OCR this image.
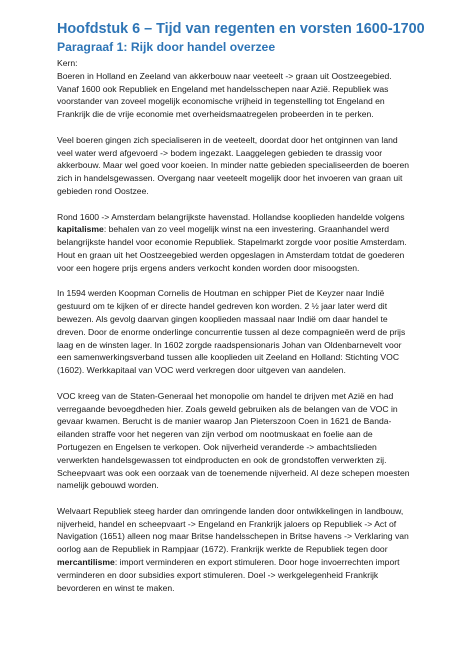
Hoofdstuk 6 – Tijd van regenten en vorsten 1600-1700
Paragraaf 1: Rijk door handel overzee

Kern:
Boeren in Holland en Zeeland van akkerbouw naar veeteelt -> graan uit Oostzeegebied.
Vanaf 1600 ook Republiek en Engeland met handelsschepen naar Azië. Republiek was
voorstander van zoveel mogelijk economische vrijheid in tegenstelling tot Engeland en
Frankrijk die de vrije economie met overheidsmaatregelen probeerden in te perken.

Veel boeren gingen zich specialiseren in de veeteelt, doordat door het ontginnen van land
veel water werd afgevoerd -> bodem ingezakt. Laaggelegen gebieden te drassig voor
akkerbouw. Maar wel goed voor koeien. In minder natte gebieden specialiseerden de boeren
zich in handelsgewassen. Overgang naar veeteelt mogelijk door het invoeren van graan uit
gebieden rond Oostzee.

Rond 1600 -> Amsterdam belangrijkste havenstad. Hollandse kooplieden handelde volgens
kapitalisme: behalen van zo veel mogelijk winst na een investering. Graanhandel werd
belangrijkste handel voor economie Republiek. Stapelmarkt zorgde voor positie Amsterdam.
Hout en graan uit het Oostzeegebied werden opgeslagen in Amsterdam totdat de goederen
voor een hogere prijs ergens anders verkocht konden worden door misoogsten.

In 1594 werden Koopman Cornelis de Houtman en schipper Piet de Keyzer naar Indië
gestuurd om te kijken of er directe handel gedreven kon worden. 2 ½ jaar later werd dit
bewezen. Als gevolg daarvan gingen kooplieden massaal naar Indië om daar handel te
dreven. Door de enorme onderlinge concurrentie tussen al deze compagnieën werd de prijs
laag en de winsten lager. In 1602 zorgde raadspensionaris Johan van Oldenbarnevelt voor
een samenwerkingsverband tussen alle kooplieden uit Zeeland en Holland: Stichting VOC
(1602). Werkkapitaal van VOC werd verkregen door uitgeven van aandelen.

VOC kreeg van de Staten-Generaal het monopolie om handel te drijven met Azië en had
verregaande bevoegdheden hier. Zoals geweld gebruiken als de belangen van de VOC in
gevaar kwamen. Berucht is de manier waarop Jan Pieterszoon Coen in 1621 de Banda-
eilanden straffe voor het negeren van zijn verbod om nootmuskaat en foelie aan de
Portugezen en Engelsen te verkopen. Ook nijverheid veranderde -> ambachtslieden
verwerkten handelsgewassen tot eindproducten en ook de grondstoffen verwerkten zij.
Scheepvaart was ook een oorzaak van de toenemende nijverheid. Al deze schepen moesten
namelijk gebouwd worden.

Welvaart Republiek steeg harder dan omringende landen door ontwikkelingen in landbouw,
nijverheid, handel en scheepvaart -> Engeland en Frankrijk jaloers op Republiek -> Act of
Navigation (1651) alleen nog maar Britse handelsschepen in Britse havens -> Verklaring van
oorlog aan de Republiek in Rampjaar (1672). Frankrijk werkte de Republiek tegen door
mercantilisme: import verminderen en export stimuleren. Door hoge invoerrechten import
verminderen en door subsidies export stimuleren. Doel -> werkgelegenheid Frankrijk
bevorderen en winst te maken.
